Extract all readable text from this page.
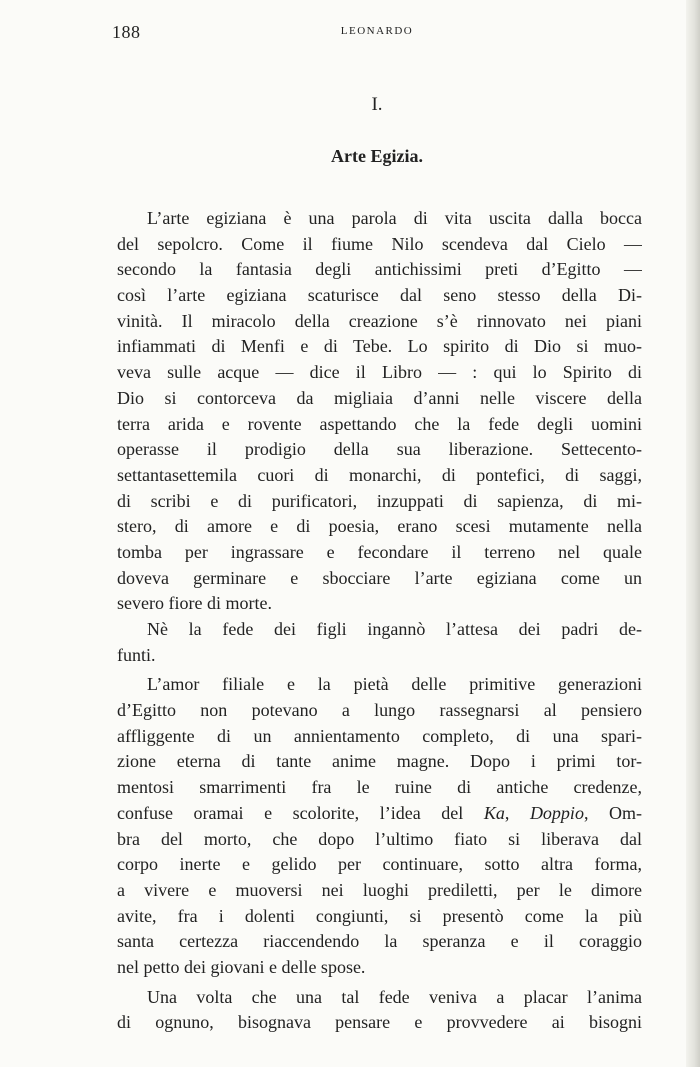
188	LEONARDO
I.
Arte Egizia.
L’arte egiziana è una parola di vita uscita dalla bocca
del sepolcro. Come il fiume Nilo scendeva dal Cielo —
secondo la fantasia degli antichissimi preti d’Egitto —
così l’arte egiziana scaturisce dal seno stesso della Di-
vinità. Il miracolo della creazione s’è rinnovato nei piani
infiammati di Menfi e di Tebe. Lo spirito di Dio si muo-
veva sulle acque — dice il Libro — : qui lo Spirito di
Dio si contorceva da migliaia d’anni nelle viscere della
terra arida e rovente aspettando che la fede degli uomini
operasse il prodigio della sua liberazione. Settecento-
settantasettemila cuori di monarchi, di pontefici, di saggi,
di scribi e di purificatori, inzuppati di sapienza, di mi-
stero, di amore e di poesia, erano scesi mutamente nella
tomba per ingrassare e fecondare il terreno nel quale
doveva germinare e sbocciare l’arte egiziana come un
severo fiore di morte.
Nè la fede dei figli ingannò l’attesa dei padri de-
funti.
L’amor filiale e la pietà delle primitive generazioni
d’Egitto non potevano a lungo rassegnarsi al pensiero
affliggente di un annientamento completo, di una spari-
zione eterna di tante anime magne. Dopo i primi tor-
mentosi smarrimenti fra le ruine di antiche credenze,
confuse oramai e scolorite, l’idea del Ka, Doppio, Om-
bra del morto, che dopo l’ultimo fiato si liberava dal
corpo inerte e gelido per continuare, sotto altra forma,
a vivere e muoversi nei luoghi prediletti, per le dimore
avite, fra i dolenti congiunti, si presentò come la più
santa certezza riaccendendo la speranza e il coraggio
nel petto dei giovani e delle spose.
Una volta che una tal fede veniva a placar l’anima
di ognuno, bisognava pensare e provvedere ai bisogni
